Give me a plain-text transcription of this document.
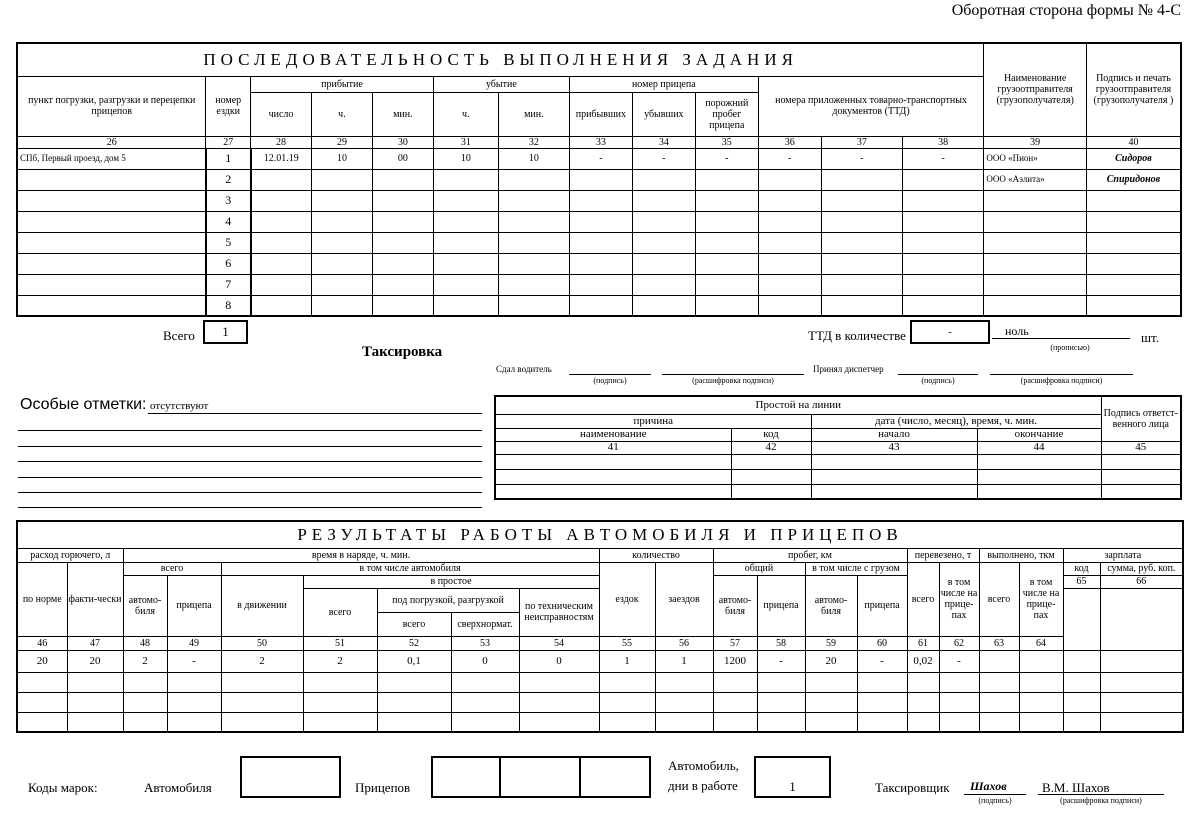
Оборотная сторона формы № 4-С
ПОСЛЕДОВАТЕЛЬНОСТЬ ВЫПОЛНЕНИЯ ЗАДАНИЯ													Наименование грузоотправителя (грузополучателя)	Подпись и печать грузоотправителя (грузополучателя )
пункт погрузки, разгрузки и перецепки прицепов	номер ездки	прибытие			убытие		номер прицепа			номера приложенных товарно-транспортных документов (ТТД)				
		число	ч.	мин.	ч.	мин.	прибывших	убывших	порожний пробег прицепа					

26	27	28	29	30	31	32	33	34	35	36	37	38	39	40
СПб, Первый проезд, дом 5	1	12.01.19	10	00	10	10	-	-	-	-	-	-	ООО «Пион»	Сидоров
	2												ООО «Аэлита»	Спиридонов
	3													
	4													
	5													
	6													
	7													
	8													
Всего	1	ТТД в количестве	-	ноль
(прописью)
шт.
Таксировка
Сдал водитель
(подпись)	(расшифровка подписи)
Принял диспетчер
(подпись)	(расшифровка подписи)
Особые отметки: отсутствуют	Простой на линии				Подпись ответст-венного лица
причина		дата (число, месяц), время, ч. мин.		
наименование	код	начало	окончание	
41	42	43	44	45

РЕЗУЛЬТАТЫ РАБОТЫ АВТОМОБИЛЯ И ПРИЦЕПОВ																				
расход горючего, л		время в наряде, ч. мин.							количество		пробег, км				перевезено, т		выполнено, ткм		зарплата	
по норме	факти-чески	всего		в том числе автомобиля					ездок	заездов	общий		в том числе с грузом		всего	в том числе на прице-пах	всего	в том числе на прице-пах	код	сумма, руб. коп.
		автомо-биля	прицепа	в движении	в простое						автомо-биля	прицепа	автомо-биля	прицепа					65	66
					всего	под погрузкой, разгрузкой		по техническим неисправностям												
						всего	сверхнормат.													
46	47	48	49	50	51	52	53	54	55	56	57	58	59	60	61	62	63	64		
20	20	2	-	2	2	0,1	0	0	1	1	1200	-	20	-	0,02	-				

Коды марок:	Автомобиля	Прицепов
Автомобиль,
дни в работе	1	Таксировщик Шахов
(подпись)
В.М. Шахов
(расшифровка подписи)
